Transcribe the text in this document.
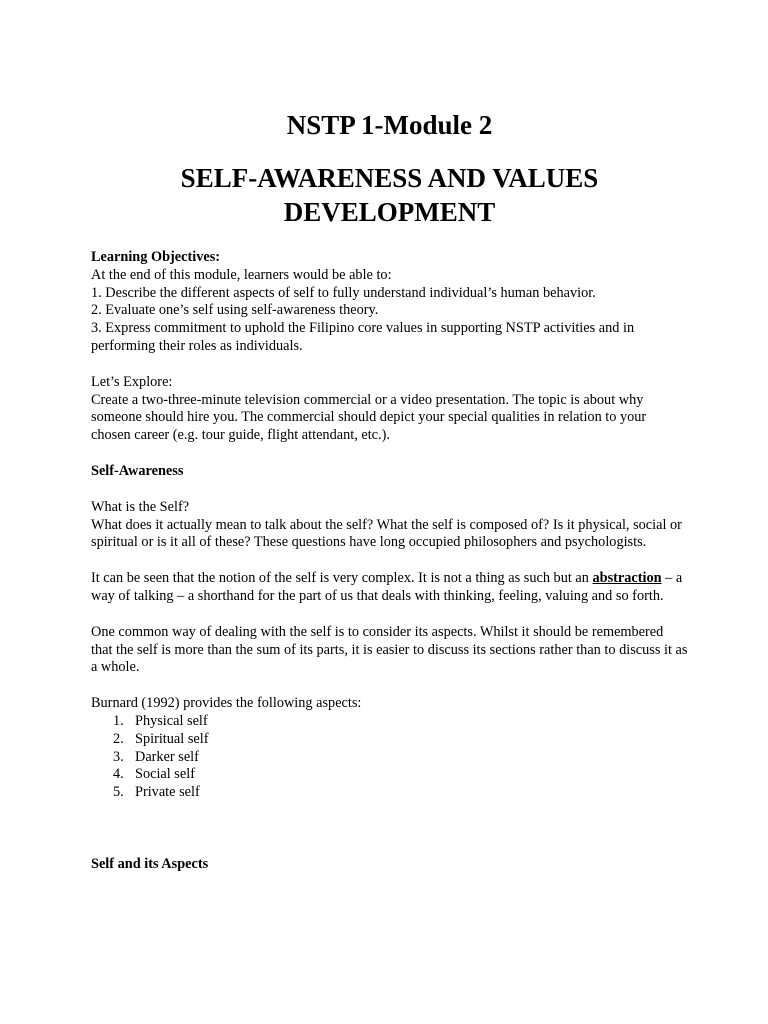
NSTP 1-Module 2
SELF-AWARENESS AND VALUES
DEVELOPMENT

Learning Objectives:

At the end of this module, learners would be able to:

1. Describe the different aspects of self to fully understand individual’s human behavior.

2. Evaluate one’s self using self-awareness theory.

3. Express commitment to uphold the Filipino core values in supporting NSTP activities and in performing their roles as individuals.

Let’s Explore:

Create a two-three-minute television commercial or a video presentation. The topic is about why someone should hire you. The commercial should depict your special qualities in relation to your chosen career (e.g. tour guide, flight attendant, etc.).

Self-Awareness

What is the Self?

What does it actually mean to talk about the self? What the self is composed of? Is it physical, social or spiritual or is it all of these? These questions have long occupied philosophers and psychologists.

It can be seen that the notion of the self is very complex. It is not a thing as such but an abstraction – a way of talking – a shorthand for the part of us that deals with thinking, feeling, valuing and so forth.

One common way of dealing with the self is to consider its aspects. Whilst it should be remembered that the self is more than the sum of its parts, it is easier to discuss its sections rather than to discuss it as a whole.

Burnard (1992) provides the following aspects:

1. Physical self
2. Spiritual self
3. Darker self
4. Social self
5. Private self

Self and its Aspects
